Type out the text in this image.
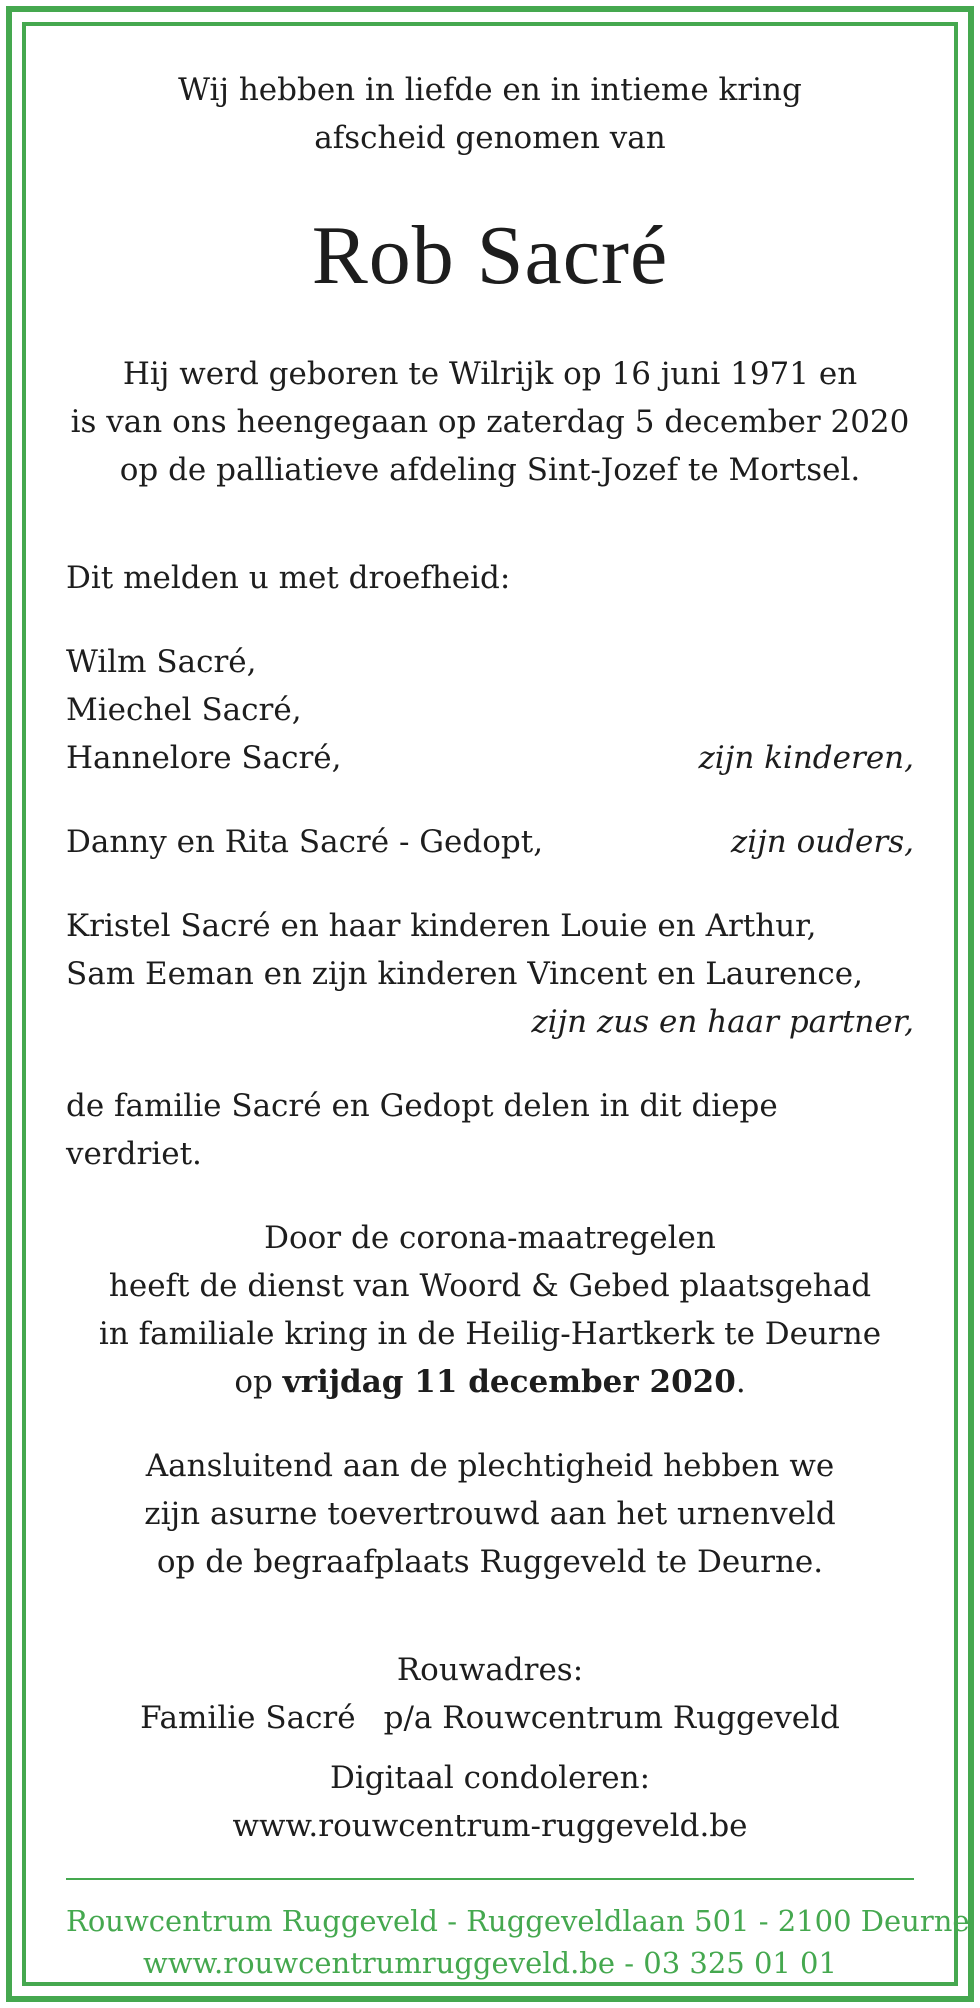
Wij hebben in liefde en in intieme kring
afscheid genomen van
Rob Sacré
Hij werd geboren te Wilrijk op 16 juni 1971 en
is van ons heengegaan op zaterdag 5 december 2020
op de palliatieve afdeling Sint-Jozef te Mortsel.
Dit melden u met droefheid:
Wilm Sacré,
Miechel Sacré,
Hannelore Sacré,	zijn kinderen,
Danny en Rita Sacré - Gedopt,	zijn ouders,
Kristel Sacré en haar kinderen Louie en Arthur,
Sam Eeman en zijn kinderen Vincent en Laurence,
zijn zus en haar partner,
de familie Sacré en Gedopt delen in dit diepe verdriet.
Door de corona-maatregelen
heeft de dienst van Woord & Gebed plaatsgehad
in familiale kring in de Heilig-Hartkerk te Deurne
op vrijdag 11 december 2020.
Aansluitend aan de plechtigheid hebben we
zijn asurne toevertrouwd aan het urnenveld
op de begraafplaats Ruggeveld te Deurne.
Rouwadres:
Familie Sacré p/a Rouwcentrum Ruggeveld
Digitaal condoleren:
www.rouwcentrum-ruggeveld.be
Rouwcentrum Ruggeveld - Ruggeveldlaan 501 - 2100 Deurne
www.rouwcentrumruggeveld.be - 03 325 01 01
